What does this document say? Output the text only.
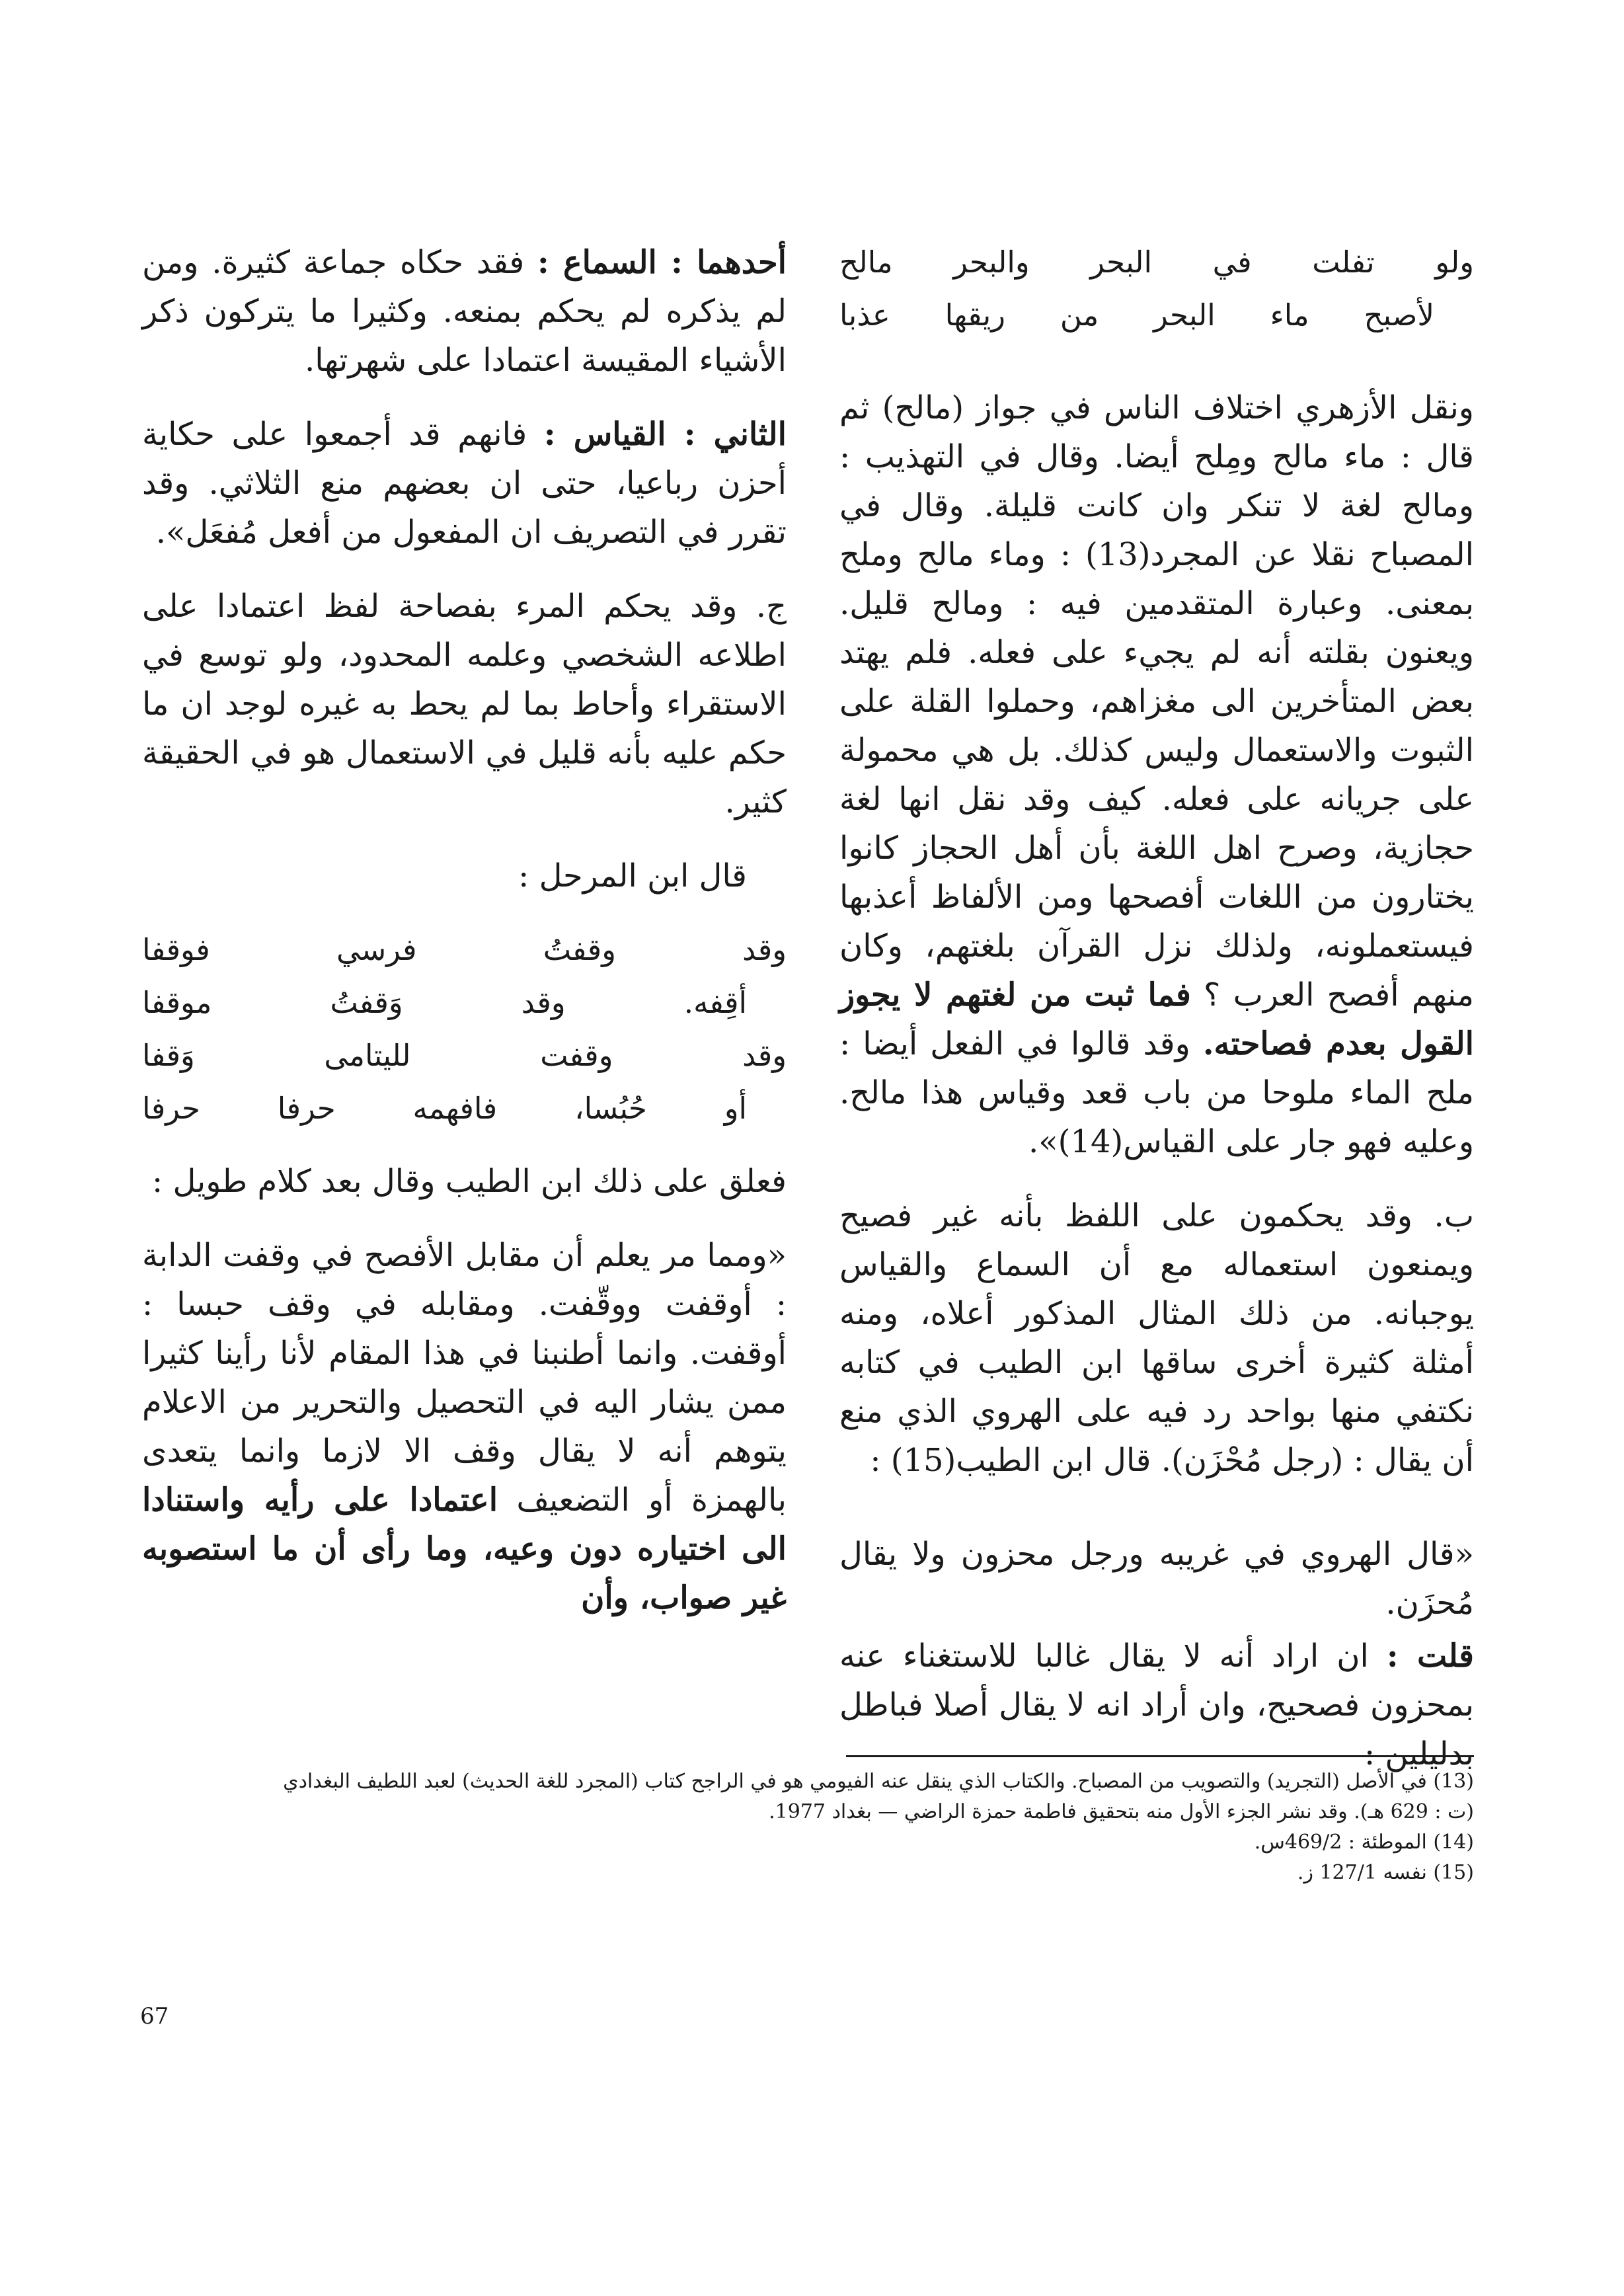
ولو تفلت في البحر والبحر مالح
لأصبح ماء البحر من ريقها عذبا

ونقل الأزهري اختلاف الناس في جواز (مالح) ثم قال : ماء مالح ومِلح أيضا. وقال في التهذيب : ومالح لغة لا تنكر وان كانت قليلة. وقال في المصباح نقلا عن المجرد(13) : وماء مالح وملح بمعنى. وعبارة المتقدمين فيه : ومالح قليل. ويعنون بقلته أنه لم يجيء على فعله. فلم يهتد بعض المتأخرين الى مغزاهم، وحملوا القلة على الثبوت والاستعمال وليس كذلك. بل هي محمولة على جريانه على فعله. كيف وقد نقل انها لغة حجازية، وصرح اهل اللغة بأن أهل الحجاز كانوا يختارون من اللغات أفصحها ومن الألفاظ أعذبها فيستعملونه، ولذلك نزل القرآن بلغتهم، وكان منهم أفصح العرب ؟ فما ثبت من لغتهم لا يجوز القول بعدم فصاحته. وقد قالوا في الفعل أيضا : ملح الماء ملوحا من باب قعد وقياس هذا مالح. وعليه فهو جار على القياس(14)».

ب. وقد يحكمون على اللفظ بأنه غير فصيح ويمنعون استعماله مع أن السماع والقياس يوجبانه. من ذلك المثال المذكور أعلاه، ومنه أمثلة كثيرة أخرى ساقها ابن الطيب في كتابه نكتفي منها بواحد رد فيه على الهروي الذي منع أن يقال : (رجل مُحْزَن). قال ابن الطيب(15) :

«قال الهروي في غريبه ورجل محزون ولا يقال مُحزَن.

قلت : ان اراد أنه لا يقال غالبا للاستغناء عنه بمحزون فصحيح، وان أراد انه لا يقال أصلا فباطل بدليلين :

أحدهما : السماع : فقد حكاه جماعة كثيرة. ومن لم يذكره لم يحكم بمنعه. وكثيرا ما يتركون ذكر الأشياء المقيسة اعتمادا على شهرتها.

الثاني : القياس : فانهم قد أجمعوا على حكاية أحزن رباعيا، حتى ان بعضهم منع الثلاثي. وقد تقرر في التصريف ان المفعول من أفعل مُفعَل».

ج. وقد يحكم المرء بفصاحة لفظ اعتمادا على اطلاعه الشخصي وعلمه المحدود، ولو توسع في الاستقراء وأحاط بما لم يحط به غيره لوجد ان ما حكم عليه بأنه قليل في الاستعمال هو في الحقيقة كثير.

قال ابن المرحل :

وقد وقفتُ فرسي فوقفا
أقِفه. وقد وَقفتُ موقفا
وقد وقفت لليتامى وَقفا
أو حُبُسا، فافهمه حرفا حرفا

فعلق على ذلك ابن الطيب وقال بعد كلام طويل :

«ومما مر يعلم أن مقابل الأفصح في وقفت الدابة : أوقفت ووقّفت. ومقابله في وقف حبسا : أوقفت. وانما أطنبنا في هذا المقام لأنا رأينا كثيرا ممن يشار اليه في التحصيل والتحرير من الاعلام يتوهم أنه لا يقال وقف الا لازما وانما يتعدى بالهمزة أو التضعيف اعتمادا على رأيه واستنادا الى اختياره دون وعيه، وما رأى أن ما استصوبه غير صواب، وأن

(13) في الأصل (التجريد) والتصويب من المصباح. والكتاب الذي ينقل عنه الفيومي هو في الراجح كتاب (المجرد للغة الحديث) لعبد اللطيف البغدادي
(ت : 629 هـ). وقد نشر الجزء الأول منه بتحقيق فاطمة حمزة الراضي — بغداد 1977.
(14) الموطئة : 469/2س.
(15) نفسه 127/1 ز.
67
